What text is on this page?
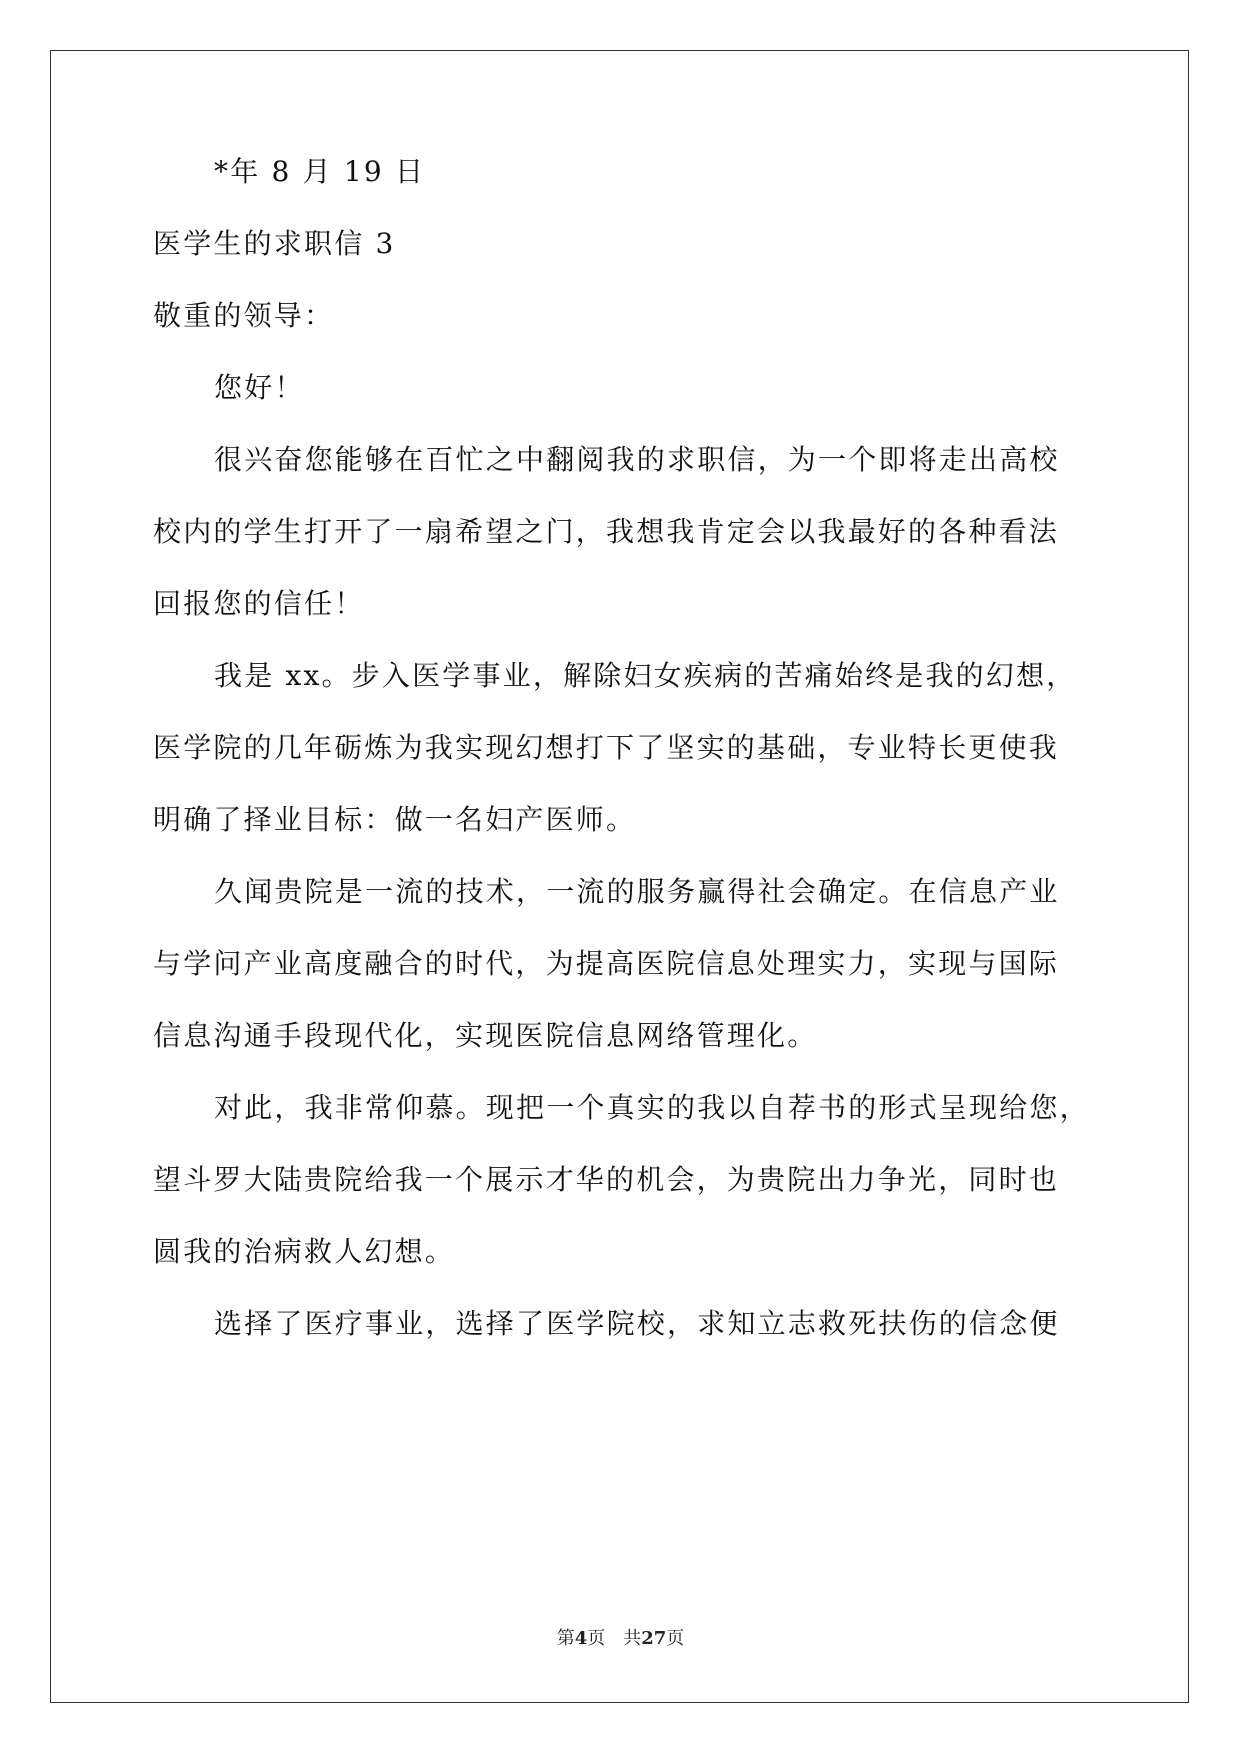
*年 8 月 19 日
医学生的求职信 3
敬重的领导：
您好！
很兴奋您能够在百忙之中翻阅我的求职信，为一个即将走出高校
校内的学生打开了一扇希望之门，我想我肯定会以我最好的各种看法
回报您的信任！
我是 xx。步入医学事业，解除妇女疾病的苦痛始终是我的幻想，
医学院的几年砺炼为我实现幻想打下了坚实的基础，专业特长更使我
明确了择业目标：做一名妇产医师。
久闻贵院是一流的技术，一流的服务赢得社会确定。在信息产业
与学问产业高度融合的时代，为提高医院信息处理实力，实现与国际
信息沟通手段现代化，实现医院信息网络管理化。
对此，我非常仰慕。现把一个真实的我以自荐书的形式呈现给您，
望斗罗大陆贵院给我一个展示才华的机会，为贵院出力争光，同时也
圆我的治病救人幻想。
选择了医疗事业，选择了医学院校，求知立志救死扶伤的信念便
第4页 共27页
